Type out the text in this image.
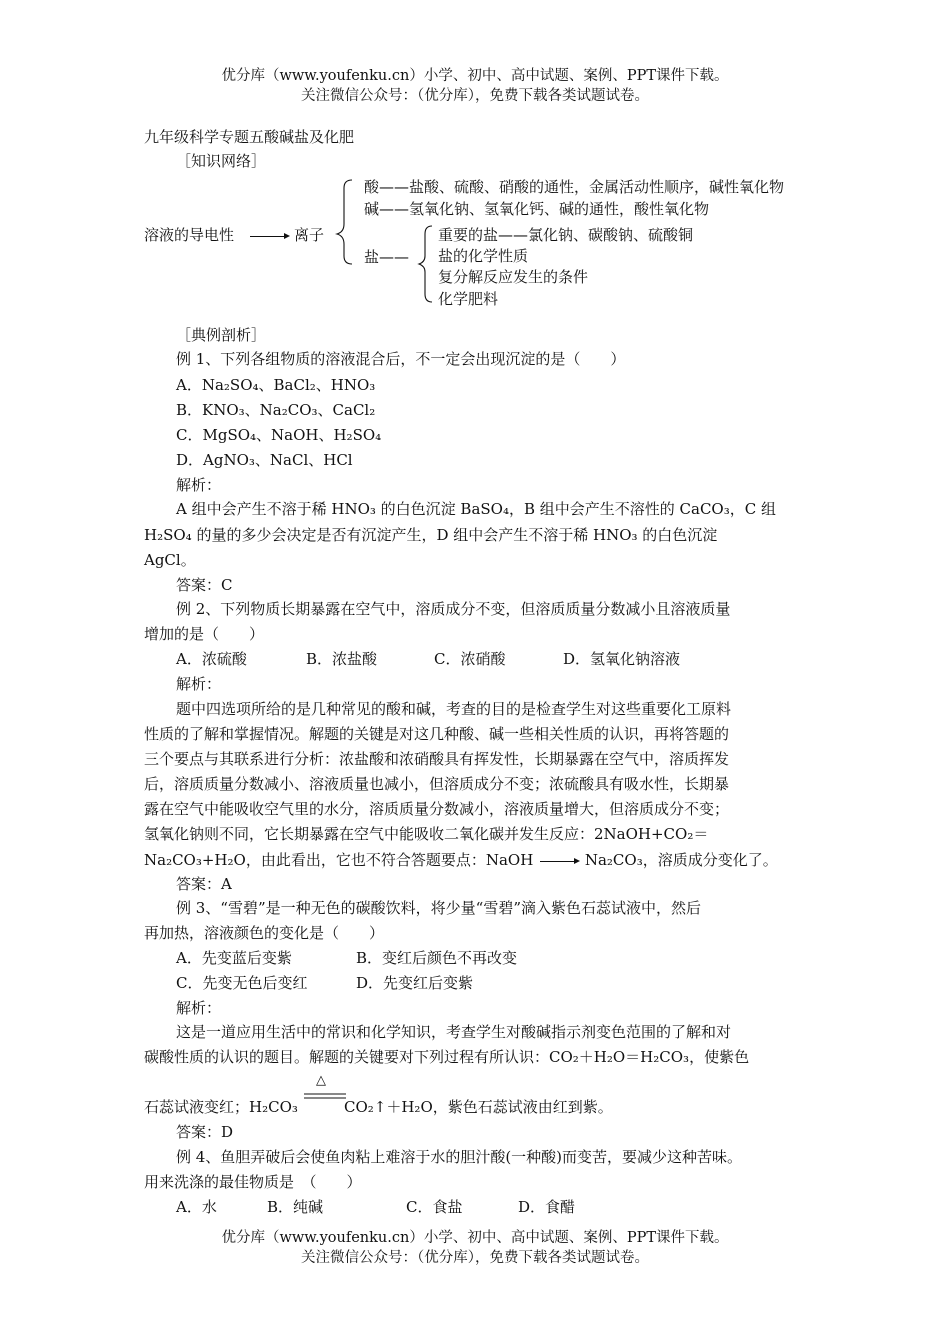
优分库（www.youfenku.cn）小学、初中、高中试题、案例、PPT课件下载。
关注微信公众号：（优分库），免费下载各类试题试卷。
九年级科学专题五酸碱盐及化肥
［知识网络］
溶液的导电性	离子
酸——盐酸、硫酸、硝酸的通性，金属活动性顺序，碱性氧化物
碱——氢氧化钠、氢氧化钙、碱的通性，酸性氧化物
盐——
重要的盐——氯化钠、碳酸钠、硫酸铜
盐的化学性质
复分解反应发生的条件
化学肥料
［典例剖析］
例 1、下列各组物质的溶液混合后，不一定会出现沉淀的是（　　）
A．Na₂SO₄、BaCl₂、HNO₃
B．KNO₃、Na₂CO₃、CaCl₂
C．MgSO₄、NaOH、H₂SO₄
D．AgNO₃、NaCl、HCl
解析：
A 组中会产生不溶于稀 HNO₃ 的白色沉淀 BaSO₄，B 组中会产生不溶性的 CaCO₃，C 组
H₂SO₄ 的量的多少会决定是否有沉淀产生，D 组中会产生不溶于稀 HNO₃ 的白色沉淀
AgCl。
答案：C
例 2、下列物质长期暴露在空气中，溶质成分不变，但溶质质量分数减小且溶液质量
增加的是（　　）
A．浓硫酸	B．浓盐酸	C．浓硝酸	D．氢氧化钠溶液
解析：
题中四选项所给的是几种常见的酸和碱，考查的目的是检查学生对这些重要化工原料
性质的了解和掌握情况。解题的关键是对这几种酸、碱一些相关性质的认识，再将答题的
三个要点与其联系进行分析：浓盐酸和浓硝酸具有挥发性，长期暴露在空气中，溶质挥发
后，溶质质量分数减小、溶液质量也减小，但溶质成分不变；浓硫酸具有吸水性，长期暴
露在空气中能吸收空气里的水分，溶质质量分数减小，溶液质量增大，但溶质成分不变；
氢氧化钠则不同，它长期暴露在空气中能吸收二氧化碳并发生反应：2NaOH+CO₂＝
Na₂CO₃+H₂O，由此看出，它也不符合答题要点：NaOH	Na₂CO₃，溶质成分变化了。
答案：A
例 3、“雪碧”是一种无色的碳酸饮料，将少量“雪碧”滴入紫色石蕊试液中，然后
再加热，溶液颜色的变化是（　　）
A．先变蓝后变紫	B．变红后颜色不再改变
C．先变无色后变红	D．先变红后变紫
解析：
这是一道应用生活中的常识和化学知识，考查学生对酸碱指示剂变色范围的了解和对
碳酸性质的认识的题目。解题的关键要对下列过程有所认识：CO₂＋H₂O＝H₂CO₃，使紫色
石蕊试液变红；H₂CO₃
△
CO₂↑＋H₂O，紫色石蕊试液由红到紫。
答案：D
例 4、鱼胆弄破后会使鱼肉粘上难溶于水的胆汁酸(一种酸)而变苦，要减少这种苦味。
用来洗涤的最佳物质是　（　　）
A．水	B．纯碱	C．食盐	D．食醋
优分库（www.youfenku.cn）小学、初中、高中试题、案例、PPT课件下载。
关注微信公众号：（优分库），免费下载各类试题试卷。
